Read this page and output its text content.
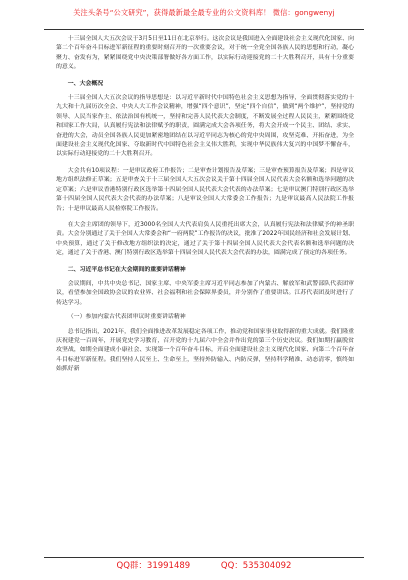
关注头条号“公文研究”，获得最新最全最专业的公文资料库！ 微信：gongwenyj

十三届全国人大五次会议于3月5日至11日在北京举行。这次会议是我国进入全面建设社会主义现代化国家、向第二个百年奋斗目标进军新征程的重要时刻召开的一次重要会议，对于统一全党全国各族人民的思想和行动，凝心聚力、奋发有为，紧紧围绕党中央决策部署做好各方面工作，以实际行动迎接党的二十大胜利召开，具有十分重要的意义。

一、大会概况

十三届全国人大五次会议的指导思想是：以习近平新时代中国特色社会主义思想为指导，全面贯彻落实党的十九大和十九届历次全会、中央人大工作会议精神，增强“四个意识”，坚定“四个自信”，做到“两个维护”，坚持党的领导、人民当家作主、依法治国有机统一，坚持和完善人民代表大会制度，不断发展全过程人民民主，紧紧围绕党和国家工作大局，认真履行宪法和法律赋予的职责，圆满完成大会各项任务，将大会开成一个民主、团结、求实、奋进的大会，动员全国各族人民更加紧密地团结在以习近平同志为核心的党中央周围，攻坚克难、开拓奋进，为全面建设社会主义现代化国家、夺取新时代中国特色社会主义伟大胜利，实现中华民族伟大复兴的中国梦不懈奋斗，以实际行动迎接党的二十大胜利召开。

大会共有10项议程：一是审议政府工作报告；二是审查计划报告及草案；三是审查预算报告及草案；四是审议地方组织法修正草案；五是审查关于十三届全国人大五次会议关于第十四届全国人民代表大会名额和选举问题的决定草案；六是审议香港特别行政区选举第十四届全国人民代表大会代表的办法草案；七是审议澳门特别行政区选举第十四届全国人民代表大会代表的办法草案；八是审议全国人大常委会工作报告；九是审议最高人民法院工作报告；十是审议最高人民检察院工作报告。

在大会主席团的领导下，近3000名全国人大代表肩负人民重托出席大会，认真履行宪法和法律赋予的神圣职责。大会分别通过了关于全国人大常委会和“一府两院”工作报告的决议，批准了2022年国民经济和社会发展计划、中央预算，通过了关于修改地方组织法的决定，通过了关于第十四届全国人民代表大会代表名额和选举问题的决定，通过了关于香港、澳门特别行政区选举第十四届全国人民代表大会代表的办法，圆满完成了预定的各项任务。

二、习近平总书记在大会期间的重要讲话精神

会议期间，中共中央总书记、国家主席、中央军委主席习近平同志参加了内蒙古、解放军和武警部队代表团审议，看望参加全国政协会议的农业界、社会福利和社会保障界委员，并分别作了重要讲话。江苏代表团及时进行了传达学习。

（一）参加内蒙古代表团审议时重要讲话精神

总书记指出，2021年，我们全面推进改革发展稳定各项工作，推动党和国家事业取得新的重大成就。我们隆重庆祝建党一百周年，开展党史学习教育，召开党的十九届六中全会并作出党的第三个历史决议。我们如期打赢脱贫攻坚战，如期全面建成小康社会、实现第一个百年奋斗目标，开启全面建设社会主义现代化国家、向第二个百年奋斗目标进军新征程。我们坚持人民至上、生命至上，坚持外防输入、内防反弹，坚持科学精准、动态清零，慎终如始抓好新

QQ群：31991489	QQ：535304092
